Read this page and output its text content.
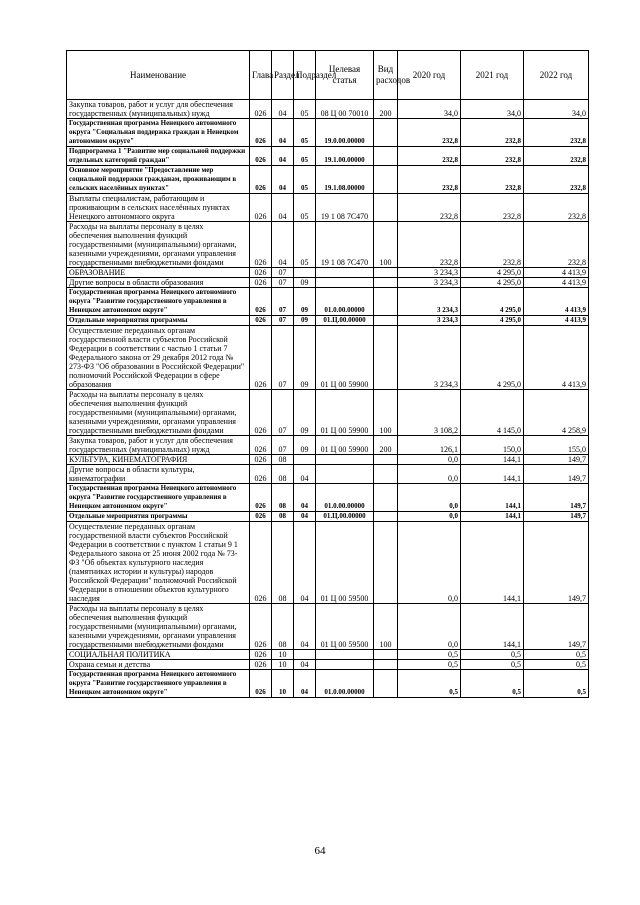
Наименование	Глава	Раздел	Подраздел	Целевая статья	Вид расходов	2020 год	2021 год	2022 год
Закупка товаров, работ и услуг для обеспечения государственных (муниципальных) нужд	026	04	05	08 Ц 00 70010	200	34,0	34,0	34,0
Государственная программа Ненецкого автономного округа "Социальная поддержка граждан в Ненецком автономном округе"	026	04	05	19.0.00.00000		232,8	232,8	232,8
Подпрограмма 1 "Развитие мер социальной поддержки отдельных категорий граждан"	026	04	05	19.1.00.00000		232,8	232,8	232,8
Основное мероприятие "Предоставление мер социальной поддержки гражданам, проживающим в сельских населённых пунктах"	026	04	05	19.1.08.00000		232,8	232,8	232,8
Выплаты специалистам, работающим и проживающим в сельских населённых пунктах Ненецкого автономного округа	026	04	05	19 1 08 7С470		232,8	232,8	232,8
Расходы на выплаты персоналу в целях обеспечения выполнения функций государственными (муниципальными) органами, казенными учреждениями, органами управления государственными внебюджетными фондами	026	04	05	19 1 08 7С470	100	232,8	232,8	232,8
ОБРАЗОВАНИЕ	026	07				3 234,3	4 295,0	4 413,9
Другие вопросы в области образования	026	07	09			3 234,3	4 295,0	4 413,9
Государственная программа Ненецкого автономного округа "Развитие государственного управления в Ненецком автономном округе"	026	07	09	01.0.00.00000		3 234,3	4 295,0	4 413,9
Отдельные мероприятия программы	026	07	09	01.Ц.00.00000		3 234,3	4 295,0	4 413,9
Осуществление переданных органам государственной власти субъектов Российской Федерации в соответствии с частью 1 статьи 7 Федерального закона от 29 декабря 2012 года № 273-ФЗ "Об образовании в Российской Федерации" полномочий Российской Федерации в сфере образования	026	07	09	01 Ц 00 59900		3 234,3	4 295,0	4 413,9
Расходы на выплаты персоналу в целях обеспечения выполнения функций государственными (муниципальными) органами, казенными учреждениями, органами управления государственными внебюджетными фондами	026	07	09	01 Ц 00 59900	100	3 108,2	4 145,0	4 258,9
Закупка товаров, работ и услуг для обеспечения государственных (муниципальных) нужд	026	07	09	01 Ц 00 59900	200	126,1	150,0	155,0
КУЛЬТУРА, КИНЕМАТОГРАФИЯ	026	08				0,0	144,1	149,7
Другие вопросы в области культуры, кинематографии	026	08	04			0,0	144,1	149,7
Государственная программа Ненецкого автономного округа "Развитие государственного управления в Ненецком автономном округе"	026	08	04	01.0.00.00000		0,0	144,1	149,7
Отдельные мероприятия программы	026	08	04	01.Ц.00.00000		0,0	144,1	149,7
Осуществление переданных органам государственной власти субъектов Российской Федерации в соответствии с пунктом 1 статьи 9 1 Федерального закона от 25 июня 2002 года № 73-ФЗ "Об объектах культурного наследия (памятниках истории и культуры) народов Российской Федерации" полномочий Российской Федерации в отношении объектов культурного наследия	026	08	04	01 Ц 00 59500		0,0	144,1	149,7
Расходы на выплаты персоналу в целях обеспечения выполнения функций государственными (муниципальными) органами, казенными учреждениями, органами управления государственными внебюджетными фондами	026	08	04	01 Ц 00 59500	100	0,0	144,1	149,7
СОЦИАЛЬНАЯ ПОЛИТИКА	026	10				0,5	0,5	0,5
Охрана семьи и детства	026	10	04			0,5	0,5	0,5
Государственная программа Ненецкого автономного округа "Развитие государственного управления в Ненецком автономном округе"	026	10	04	01.0.00.00000		0,5	0,5	0,5
64
